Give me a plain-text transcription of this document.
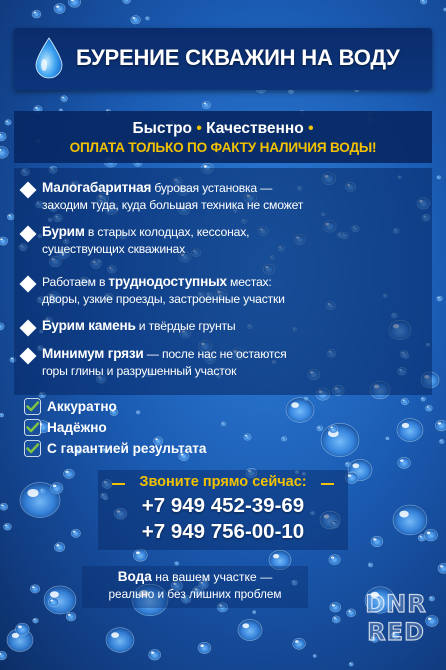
БУРЕНИЕ СКВАЖИН НА ВОДУ
Быстро • Качественно •
ОПЛАТА ТОЛЬКО ПО ФАКТУ НАЛИЧИЯ ВОДЫ!
Малогабаритная буровая установка —
заходим туда, куда большая техника не сможет
Бурим в старых колодцах, кессонах,
существующих скважинах
Работаем в труднодоступных местах:
дворы, узкие проезды, застроенные участки
Бурим камень и твёрдые грунты
Минимум грязи — после нас не остаются
горы глины и разрушенный участок
Аккуратно
Надёжно
С гарантией результата
Звоните прямо сейчас:
+7 949 452-39-69
+7 949 756-00-10
Вода на вашем участке —
реально и без лишних проблем	DNR
RED
